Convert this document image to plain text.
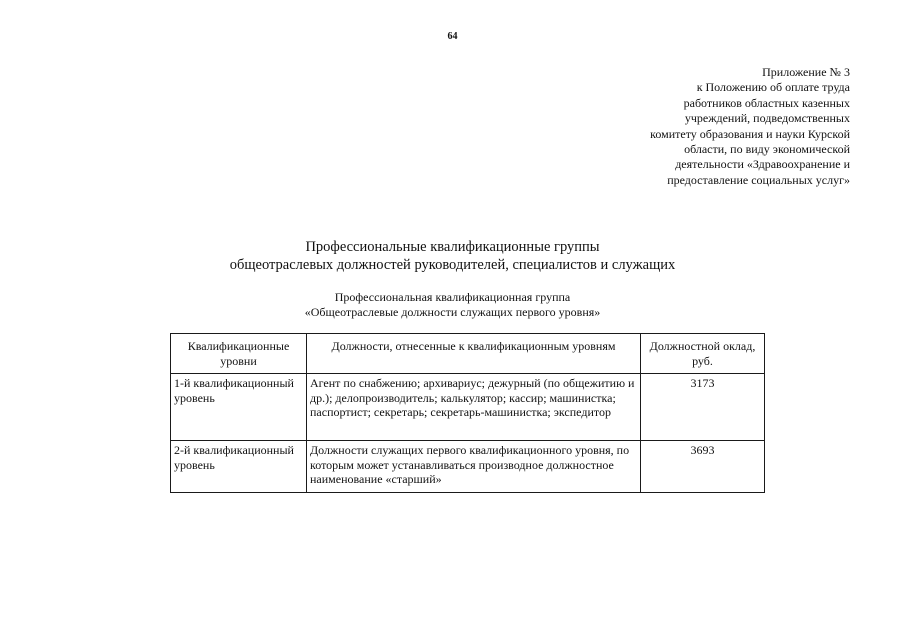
64
Приложение № 3
к Положению об оплате труда
работников областных казенных
учреждений, подведомственных
комитету образования и науки Курской
области, по виду экономической
деятельности «Здравоохранение и
предоставление социальных услуг»
Профессиональные квалификационные группы
общеотраслевых должностей руководителей, специалистов и служащих
Профессиональная квалификационная группа
«Общеотраслевые должности служащих первого уровня»
Квалификационные уровни	Должности, отнесенные к квалификационным уровням	Должностной оклад, руб.
1-й квалификационный уровень	Агент по снабжению; архивариус; дежурный (по общежитию и др.); делопроизводитель; калькулятор; кассир; машинистка; паспортист; секретарь; секретарь-машинистка; экспедитор	3173
2-й квалификационный уровень	Должности служащих первого квалификационного уровня, по которым может устанавливаться производное должностное наименование «старший»	3693
